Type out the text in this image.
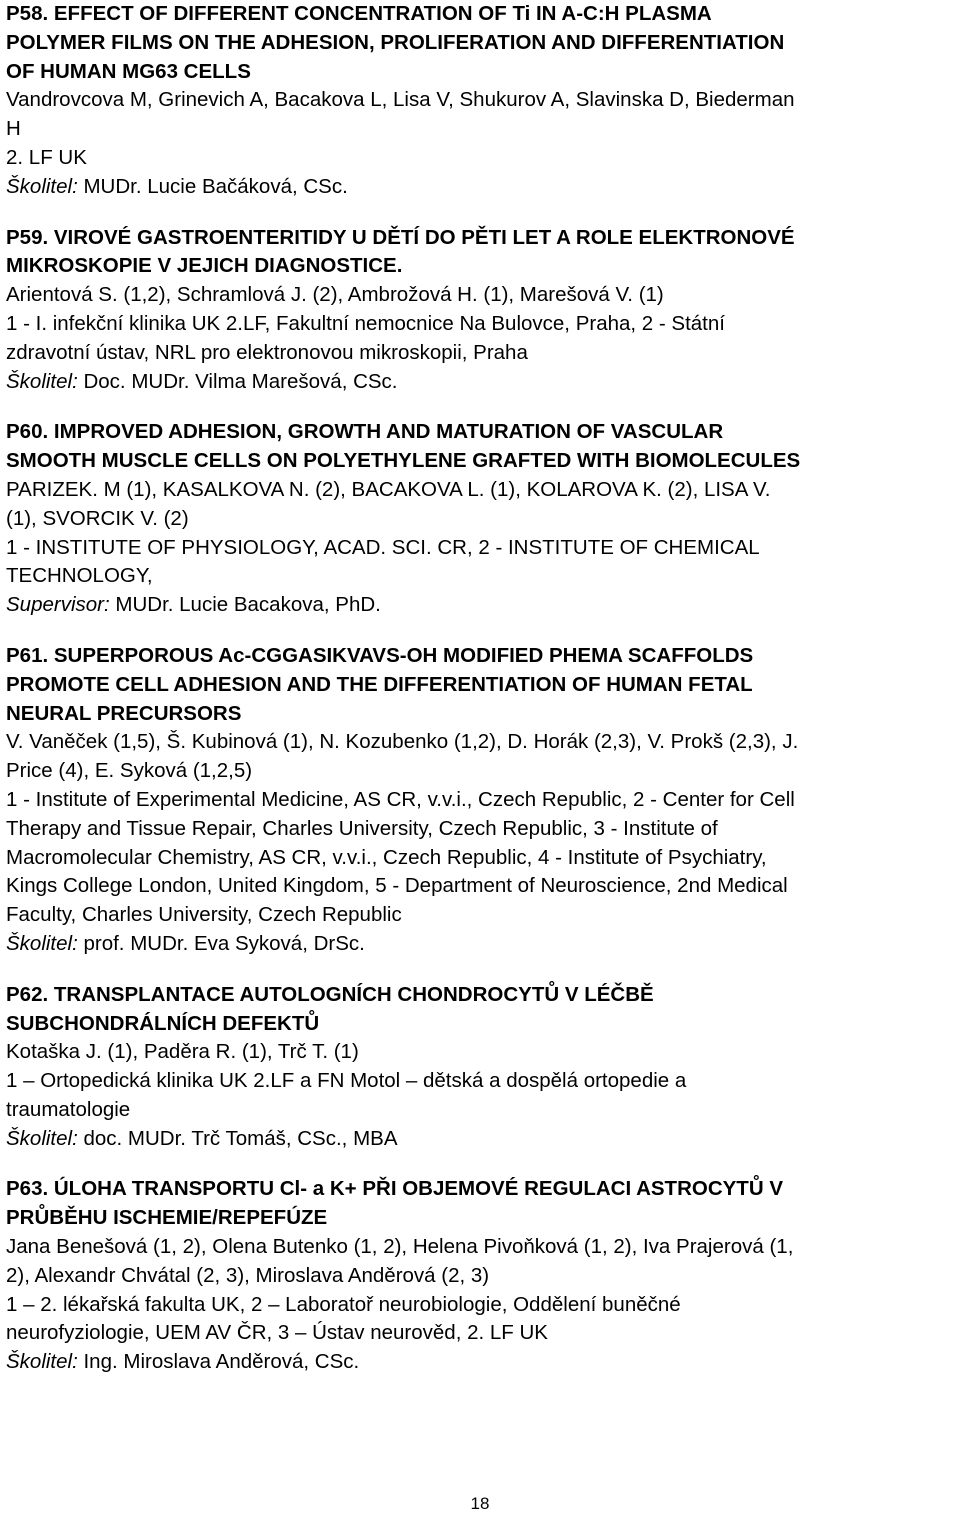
P58. EFFECT OF DIFFERENT CONCENTRATION OF Ti IN A-C:H PLASMA
POLYMER FILMS ON THE ADHESION, PROLIFERATION AND DIFFERENTIATION
OF HUMAN MG63 CELLS
Vandrovcova M, Grinevich A, Bacakova L, Lisa V, Shukurov A, Slavinska D, Biederman
H
2. LF UK
Školitel: MUDr. Lucie Bačáková, CSc.
P59. VIROVÉ GASTROENTERITIDY U DĚTÍ DO PĚTI LET A ROLE ELEKTRONOVÉ
MIKROSKOPIE V JEJICH DIAGNOSTICE.
Arientová S. (1,2), Schramlová J. (2), Ambrožová H. (1), Marešová V. (1)
1 - I. infekční klinika UK 2.LF, Fakultní nemocnice Na Bulovce, Praha, 2 - Státní
zdravotní ústav, NRL pro elektronovou mikroskopii, Praha
Školitel: Doc. MUDr. Vilma Marešová, CSc.
P60. IMPROVED ADHESION, GROWTH AND MATURATION OF VASCULAR
SMOOTH MUSCLE CELLS ON POLYETHYLENE GRAFTED WITH BIOMOLECULES
PARIZEK. M (1), KASALKOVA N. (2), BACAKOVA L. (1), KOLAROVA K. (2), LISA V.
(1), SVORCIK V. (2)
1 - INSTITUTE OF PHYSIOLOGY, ACAD. SCI. CR, 2 - INSTITUTE OF CHEMICAL
TECHNOLOGY,
Supervisor: MUDr. Lucie Bacakova, PhD.
P61. SUPERPOROUS Ac-CGGASIKVAVS-OH MODIFIED PHEMA SCAFFOLDS
PROMOTE CELL ADHESION AND THE DIFFERENTIATION OF HUMAN FETAL
NEURAL PRECURSORS
V. Vaněček (1,5), Š. Kubinová (1), N. Kozubenko (1,2), D. Horák (2,3), V. Prokš (2,3), J.
Price (4), E. Syková (1,2,5)
1 - Institute of Experimental Medicine, AS CR, v.v.i., Czech Republic, 2 - Center for Cell
Therapy and Tissue Repair, Charles University, Czech Republic, 3 - Institute of
Macromolecular Chemistry, AS CR, v.v.i., Czech Republic, 4 - Institute of Psychiatry,
Kings College London, United Kingdom, 5 - Department of Neuroscience, 2nd Medical
Faculty, Charles University, Czech Republic
Školitel: prof. MUDr. Eva Syková, DrSc.
P62. TRANSPLANTACE AUTOLOGNÍCH CHONDROCYTŮ V LÉČBĚ
SUBCHONDRÁLNÍCH DEFEKTŮ
Kotaška J. (1), Paděra R. (1), Trč T. (1)
1 – Ortopedická klinika UK 2.LF a FN Motol – dětská a dospělá ortopedie a
traumatologie
Školitel: doc. MUDr. Trč Tomáš, CSc., MBA
P63. ÚLOHA TRANSPORTU Cl- a K+ PŘI OBJEMOVÉ REGULACI ASTROCYTŮ V
PRŮBĚHU ISCHEMIE/REPEFÚZE
Jana Benešová (1, 2), Olena Butenko (1, 2), Helena Pivoňková (1, 2), Iva Prajerová (1,
2), Alexandr Chvátal (2, 3), Miroslava Anděrová (2, 3)
1 – 2. lékařská fakulta UK, 2 – Laboratoř neurobiologie, Oddělení buněčné
neurofyziologie, UEM AV ČR, 3 – Ústav neurověd, 2. LF UK
Školitel: Ing. Miroslava Anděrová, CSc.
18
